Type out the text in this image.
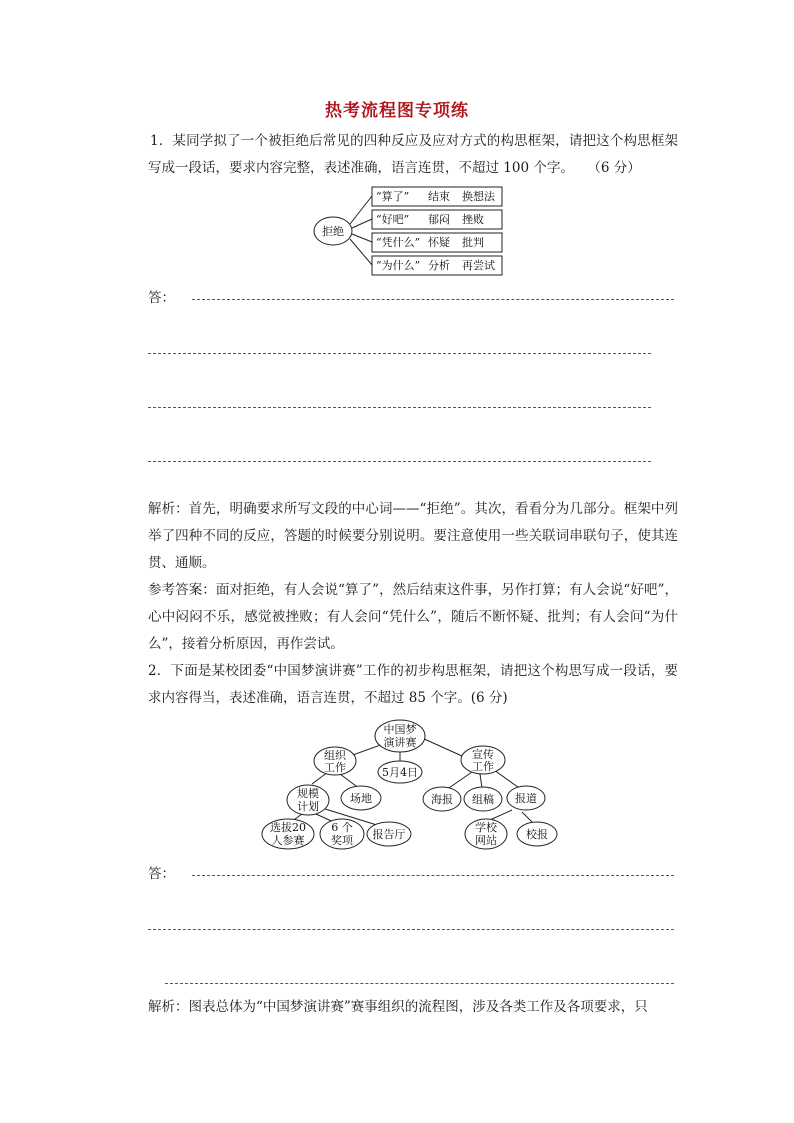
热考流程图专项练

1．某同学拟了一个被拒绝后常见的四种反应及应对方式的构思框架，请把这个构思框架写成一段话，要求内容完整，表述准确，语言连贯，不超过 100 个字。　　（6 分）

拒绝
“算了” 结束 换想法
“好吧” 郁闷 挫败
“凭什么” 怀疑 批判
“为什么” 分析 再尝试
答：

解析：首先，明确要求所写文段的中心词——“拒绝”。其次，看看分为几部分。框架中列举了四种不同的反应，答题的时候要分别说明。要注意使用一些关联词串联句子，使其连贯、通顺。

参考答案：面对拒绝，有人会说“算了”，然后结束这件事，另作打算；有人会说“好吧”，心中闷闷不乐，感觉被挫败；有人会问“凭什么”，随后不断怀疑、批判；有人会问“为什么”，接着分析原因，再作尝试。

2．下面是某校团委“中国梦演讲赛”工作的初步构思框架，请把这个构思写成一段话，要求内容得当，表述准确，语言连贯，不超过 85 个字。(6 分)

中国梦
演讲赛
组织
工作	5月4日
宣传
工作
规模
计划
场地	海报 组稿 报道
选拔20
人参赛
6 个
奖项 报告厅
学校
网站	校报
答：

解析：图表总体为“中国梦演讲赛”赛事组织的流程图，涉及各类工作及各项要求，只
